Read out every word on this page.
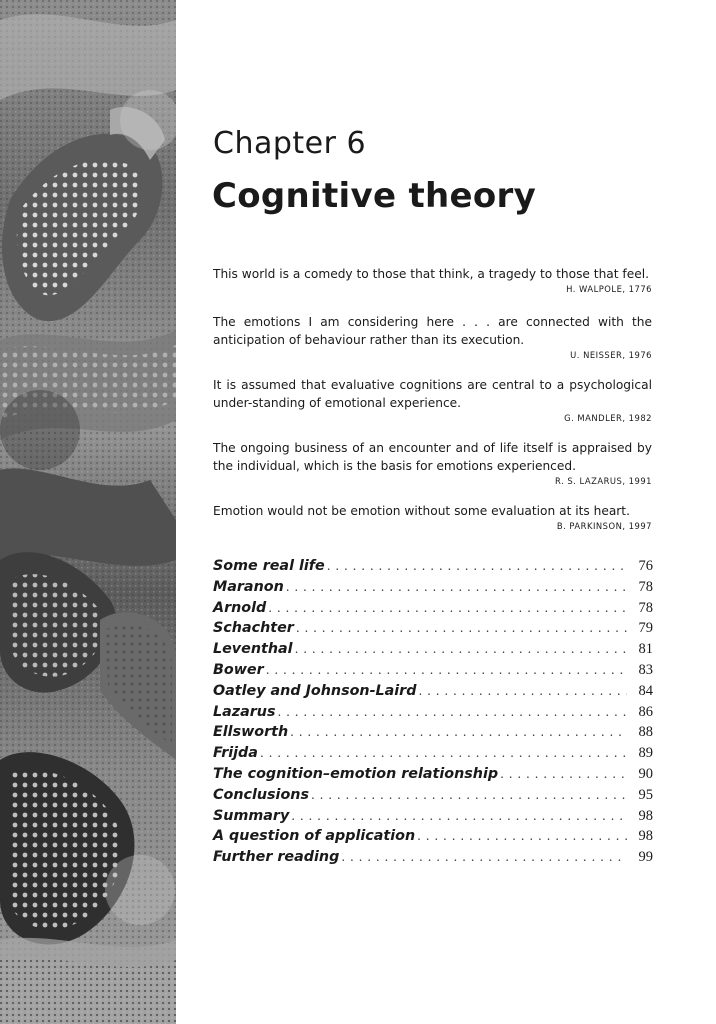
Chapter 6
Cognitive theory

This world is a comedy to those that think, a tragedy to those that feel.

H. WALPOLE, 1776

The emotions I am considering here . . . are connected with the anticipation of behaviour rather than its execution.

U. NEISSER, 1976

It is assumed that evaluative cognitions are central to a psychological under-standing of emotional experience.

G. MANDLER, 1982

The ongoing business of an encounter and of life itself is appraised by the individual, which is the basis for emotions experienced.

R. S. LAZARUS, 1991

Emotion would not be emotion without some evaluation at its heart.

B. PARKINSON, 1997
Some real life . . .	76
Maranon . . .	78
Arnold . . .	78
Schachter . . .	79
Leventhal . . .	81
Bower . . .	83
Oatley and Johnson-Laird . . .	84
Lazarus . . .	86
Ellsworth . . .	88
Frijda . . .	89
The cognition–emotion relationship . . .	90
Conclusions . . .	95
Summary . . .	98
A question of application . . .	98
Further reading . . .	99
